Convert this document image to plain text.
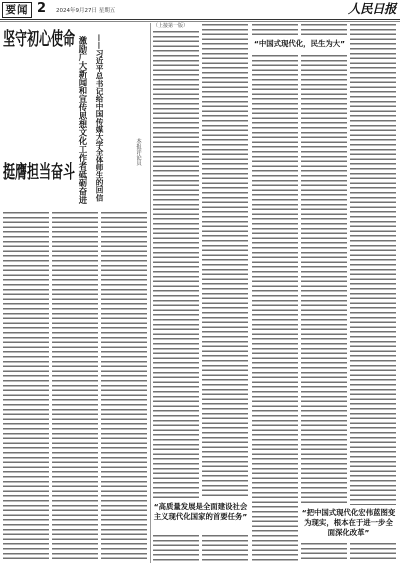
要闻 2 2024年9月27日 星期五	人民日报
坚守初心使命
挺膺担当奋斗 激励广大新闻和宣传思想文化工作者砥砺奋进 ——习近平总书记给中国传媒大学全体师生的回信	本报评论员
（上接第一版）
“高质量发展是全面建设社会主义现代化国家的首要任务”
“中国式现代化，民生为大”
“把中国式现代化宏伟蓝图变为现实，根本在于进一步全面深化改革”
